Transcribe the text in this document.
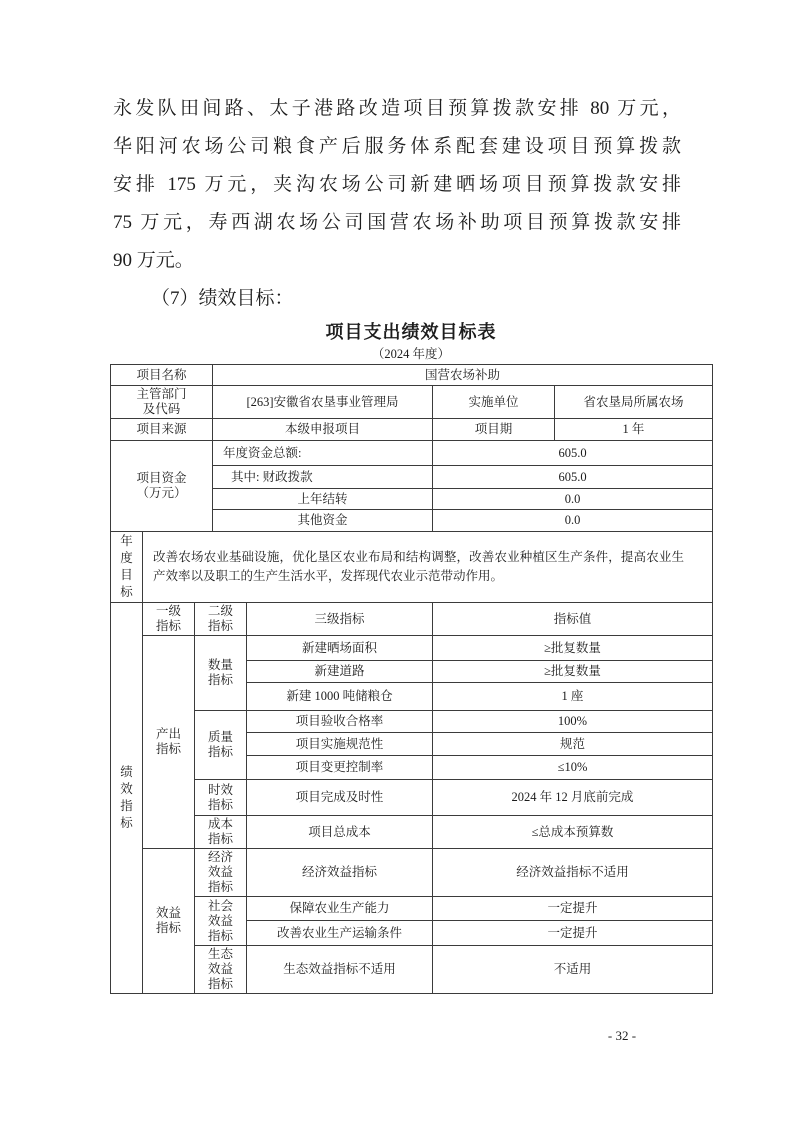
永发队田间路、太子港路改造项目预算拨款安排 80 万元，
华阳河农场公司粮食产后服务体系配套建设项目预算拨款
安排 175 万元，夹沟农场公司新建晒场项目预算拨款安排
75 万元，寿西湖农场公司国营农场补助项目预算拨款安排
90 万元。
（7）绩效目标：
项目支出绩效目标表
（2024 年度）
项目名称	国营农场补助		

主管部门及代码	[263]安徽省农垦事业管理局	实施单位	省农垦局所属农场
项目来源	本级申报项目	项目期	1 年

项目资金（万元）	年度资金总额:	605.0	
	其中: 财政拨款	605.0	
	上年结转	0.0	
	其他资金	0.0	
年度目标
	改善农场农业基础设施，优化垦区农业布局和结构调整，改善农业种植区生产条件，提高农业生产效率以及职工的生产生活水平，发挥现代农业示范带动作用。
绩效指标	一级指标	二级指标	三级指标	指标值

	产出指标	数量指标	新建晒场面积	≥批复数量
			新建道路	≥批复数量
			新建 1000 吨储粮仓	1 座

		质量指标	项目验收合格率	100%
			项目实施规范性	规范
			项目变更控制率	≤10%

		时效指标	项目完成及时性	2024 年 12 月底前完成

		成本指标	项目总成本	≤总成本预算数

	效益指标	经济效益指标	经济效益指标	经济效益指标不适用

		社会效益指标	保障农业生产能力	一定提升
			改善农业生产运输条件	一定提升

		生态效益指标	生态效益指标不适用	不适用
- 32 -
